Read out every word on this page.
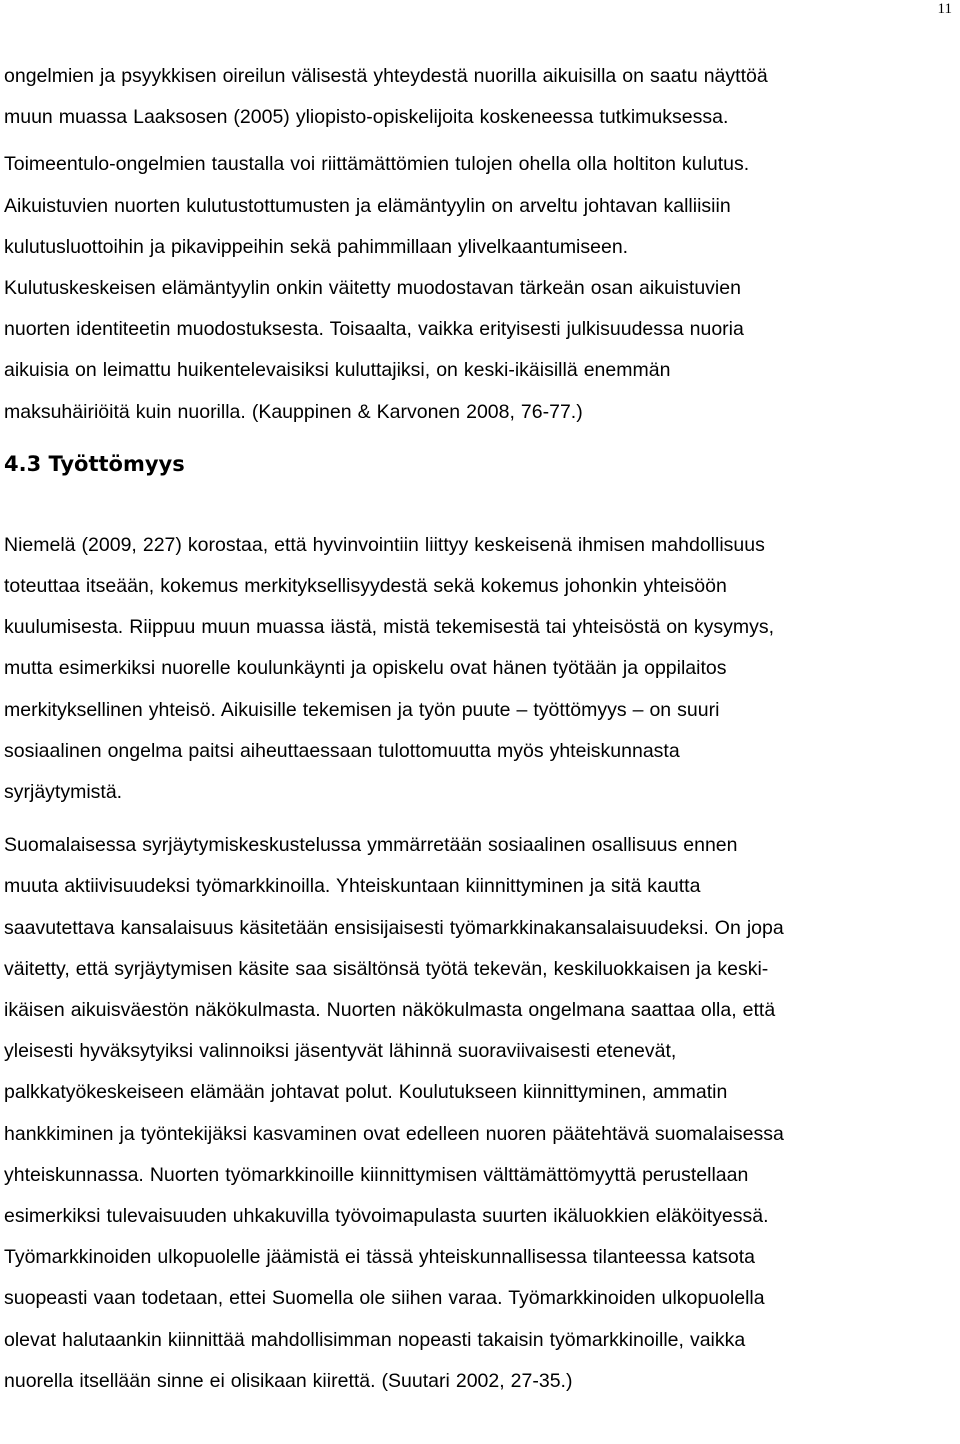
11

ongelmien ja psyykkisen oireilun välisestä yhteydestä nuorilla aikuisilla on saatu näyttöä
muun muassa Laaksosen (2005) yliopisto-opiskelijoita koskeneessa tutkimuksessa.

Toimeentulo-ongelmien taustalla voi riittämättömien tulojen ohella olla holtiton kulutus.
Aikuistuvien nuorten kulutustottumusten ja elämäntyylin on arveltu johtavan kalliisiin
kulutusluottoihin ja pikavippeihin sekä pahimmillaan ylivelkaantumiseen.
Kulutuskeskeisen elämäntyylin onkin väitetty muodostavan tärkeän osan aikuistuvien
nuorten identiteetin muodostuksesta. Toisaalta, vaikka erityisesti julkisuudessa nuoria
aikuisia on leimattu huikentelevaisiksi kuluttajiksi, on keski-ikäisillä enemmän
maksuhäiriöitä kuin nuorilla. (Kauppinen & Karvonen 2008, 76-77.)

4.3 Työttömyys

Niemelä (2009, 227) korostaa, että hyvinvointiin liittyy keskeisenä ihmisen mahdollisuus
toteuttaa itseään, kokemus merkityksellisyydestä sekä kokemus johonkin yhteisöön
kuulumisesta. Riippuu muun muassa iästä, mistä tekemisestä tai yhteisöstä on kysymys,
mutta esimerkiksi nuorelle koulunkäynti ja opiskelu ovat hänen työtään ja oppilaitos
merkityksellinen yhteisö. Aikuisille tekemisen ja työn puute – työttömyys – on suuri
sosiaalinen ongelma paitsi aiheuttaessaan tulottomuutta myös yhteiskunnasta
syrjäytymistä.

Suomalaisessa syrjäytymiskeskustelussa ymmärretään sosiaalinen osallisuus ennen
muuta aktiivisuudeksi työmarkkinoilla. Yhteiskuntaan kiinnittyminen ja sitä kautta
saavutettava kansalaisuus käsitetään ensisijaisesti työmarkkinakansalaisuudeksi. On jopa
väitetty, että syrjäytymisen käsite saa sisältönsä työtä tekevän, keskiluokkaisen ja keski-
ikäisen aikuisväestön näkökulmasta. Nuorten näkökulmasta ongelmana saattaa olla, että
yleisesti hyväksytyiksi valinnoiksi jäsentyvät lähinnä suoraviivaisesti etenevät,
palkkatyökeskeiseen elämään johtavat polut. Koulutukseen kiinnittyminen, ammatin
hankkiminen ja työntekijäksi kasvaminen ovat edelleen nuoren päätehtävä suomalaisessa
yhteiskunnassa. Nuorten työmarkkinoille kiinnittymisen välttämättömyyttä perustellaan
esimerkiksi tulevaisuuden uhkakuvilla työvoimapulasta suurten ikäluokkien eläköityessä.
Työmarkkinoiden ulkopuolelle jäämistä ei tässä yhteiskunnallisessa tilanteessa katsota
suopeasti vaan todetaan, ettei Suomella ole siihen varaa. Työmarkkinoiden ulkopuolella
olevat halutaankin kiinnittää mahdollisimman nopeasti takaisin työmarkkinoille, vaikka
nuorella itsellään sinne ei olisikaan kiirettä. (Suutari 2002, 27-35.)
